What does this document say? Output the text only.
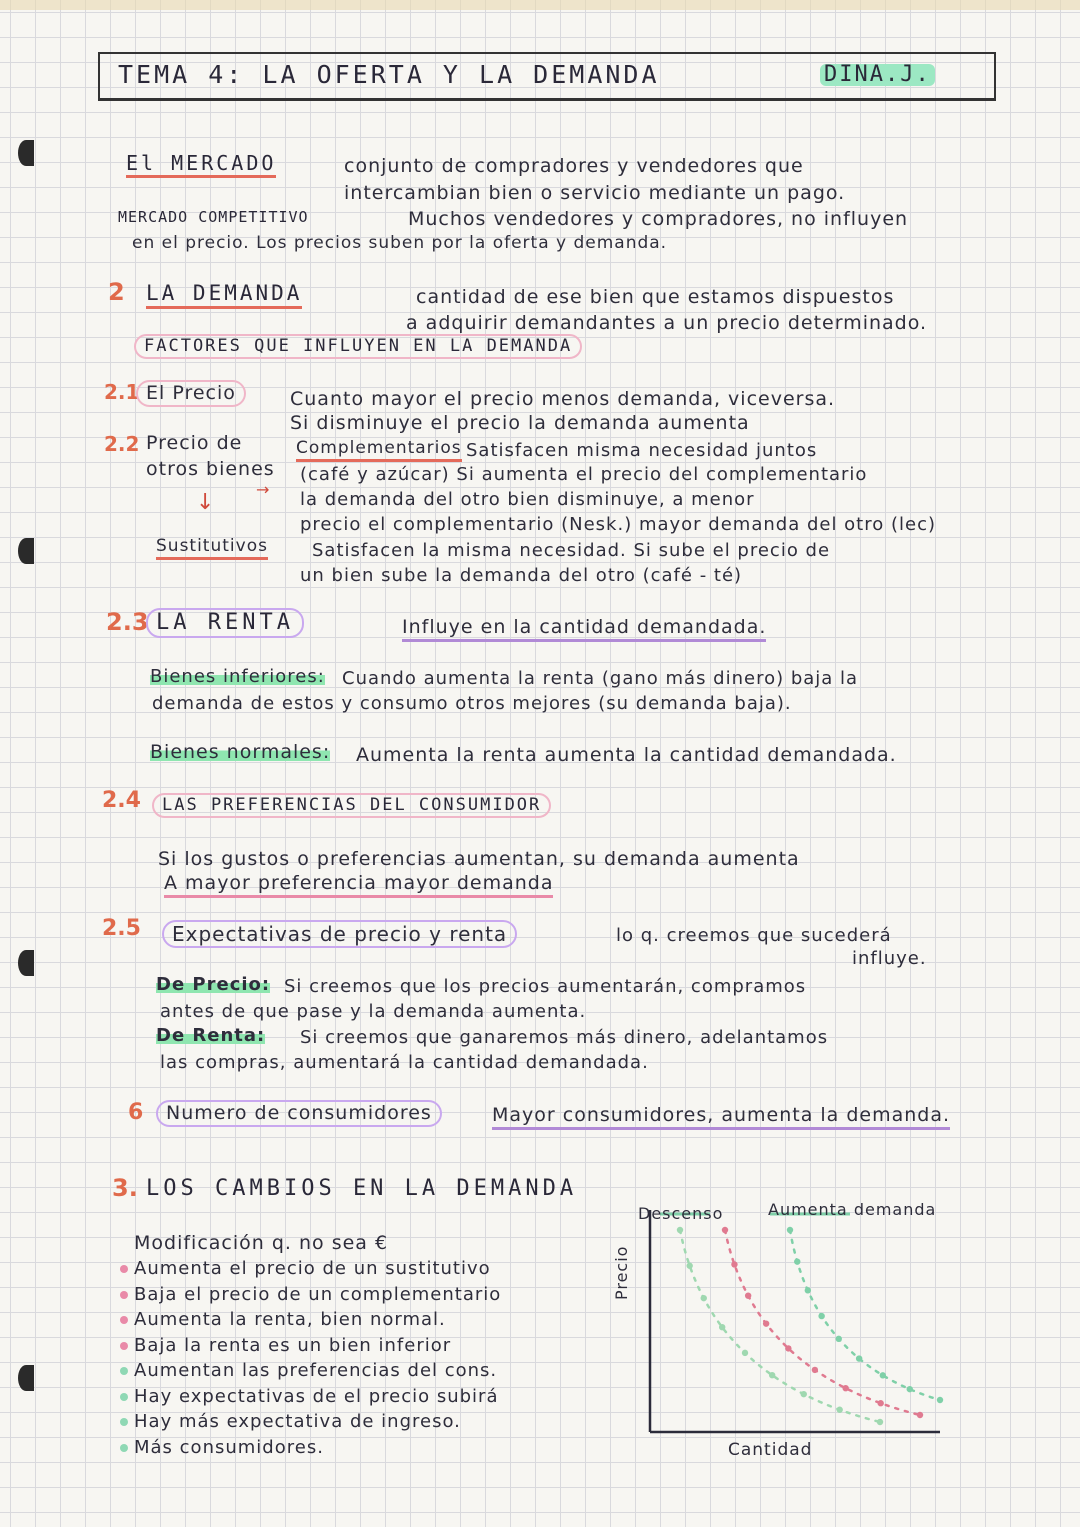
TEMA 4: LA OFERTA Y LA DEMANDA	DINA.J.
El MERCADO	conjunto de compradores y vendedores que
intercambian bien o servicio mediante un pago.
MERCADO COMPETITIVO	Muchos vendedores y compradores, no influyen
en el precio. Los precios suben por la oferta y demanda.
2 LA DEMANDA	cantidad de ese bien que estamos dispuestos
a adquirir demandantes a un precio determinado.
FACTORES QUE INFLUYEN EN LA DEMANDA
2.1 El Precio	Cuanto mayor el precio menos demanda, viceversa.
Si disminuye el precio la demanda aumenta
2.2 Precio de
otros bienes
↓
→
Complementarios Satisfacen misma necesidad juntos
(café y azúcar) Si aumenta el precio del complementario
la demanda del otro bien disminuye, a menor
precio el complementario (Nesk.) mayor demanda del otro (lec)
Sustitutivos Satisfacen la misma necesidad. Si sube el precio de
un bien sube la demanda del otro (café - té)
2.3 LA RENTA	Influye en la cantidad demandada.
Bienes inferiores: Cuando aumenta la renta (gano más dinero) baja la
demanda de estos y consumo otros mejores (su demanda baja).
Bienes normales: Aumenta la renta aumenta la cantidad demandada.
2.4	LAS PREFERENCIAS DEL CONSUMIDOR
Si los gustos o preferencias aumentan, su demanda aumenta
A mayor preferencia mayor demanda
2.5	Expectativas de precio y renta	lo q. creemos que sucederá
influye.
De Precio: Si creemos que los precios aumentarán, compramos
antes de que pase y la demanda aumenta.
De Renta: Si creemos que ganaremos más dinero, adelantamos
las compras, aumentará la cantidad demandada.
6	Numero de consumidores	Mayor consumidores, aumenta la demanda.
3. LOS CAMBIOS EN LA DEMANDA
Modificación q. no sea €
Aumenta el precio de un sustitutivo
Baja el precio de un complementario
Aumenta la renta, bien normal.
Baja la renta es un bien inferior
Aumentan las preferencias del cons.
Hay expectativas de el precio subirá
Hay más expectativa de ingreso.
Más consumidores.
Descenso	Aumenta demanda
Precio
Cantidad
